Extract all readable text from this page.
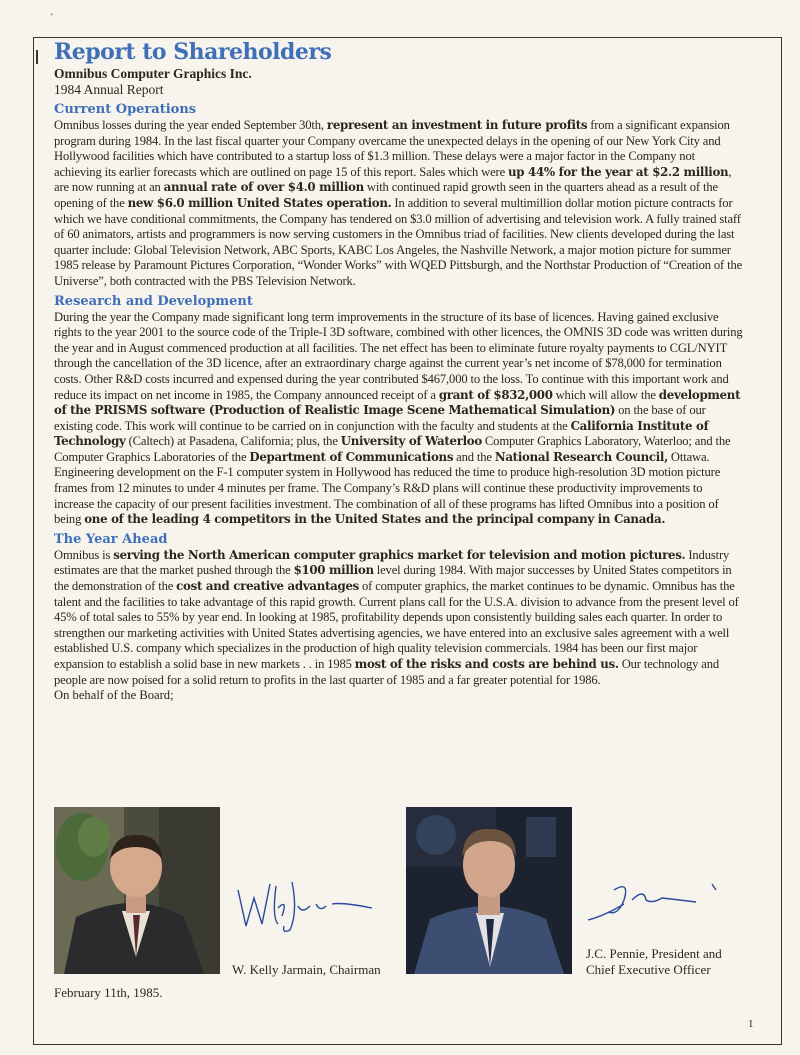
•
Report to Shareholders

Omnibus Computer Graphics Inc.

1984 Annual Report

Current Operations

Omnibus losses during the year ended September 30th, represent an investment in future profits from a significant expansion program during 1984. In the last fiscal quarter your Company overcame the unexpected delays in the opening of our New York City and Hollywood facilities which have contributed to a startup loss of $1.3 million. These delays were a major factor in the Company not achieving its earlier forecasts which are outlined on page 15 of this report. Sales which were up 44% for the year at $2.2 million, are now running at an annual rate of over $4.0 million with continued rapid growth seen in the quarters ahead as a result of the opening of the new $6.0 million United States operation. In addition to several multimillion dollar motion picture contracts for which we have conditional commitments, the Company has tendered on $3.0 million of advertising and television work. A fully trained staff of 60 animators, artists and programmers is now serving customers in the Omnibus triad of facilities. New clients developed during the last quarter include: Global Television Network, ABC Sports, KABC Los Angeles, the Nashville Network, a major motion picture for summer 1985 release by Paramount Pictures Corporation, “Wonder Works” with WQED Pittsburgh, and the Northstar Production of “Creation of the Universe”, both contracted with the PBS Television Network.

Research and Development

During the year the Company made significant long term improvements in the structure of its base of licences. Having gained exclusive rights to the year 2001 to the source code of the Triple-I 3D software, combined with other licences, the OMNIS 3D code was written during the year and in August commenced production at all facilities. The net effect has been to eliminate future royalty payments to CGL/NYIT through the cancellation of the 3D licence, after an extraordinary charge against the current year’s net income of $78,000 for termination costs. Other R&D costs incurred and expensed during the year contributed $467,000 to the loss. To continue with this important work and reduce its impact on net income in 1985, the Company announced receipt of a grant of $832,000 which will allow the development of the PRISMS software (Production of Realistic Image Scene Mathematical Simulation) on the base of our existing code. This work will continue to be carried on in conjunction with the faculty and students at the California Institute of Technology (Caltech) at Pasadena, California; plus, the University of Waterloo Computer Graphics Laboratory, Waterloo; and the Computer Graphics Laboratories of the Department of Communications and the National Research Council, Ottawa. Engineering development on the F-1 computer system in Hollywood has reduced the time to produce high-resolution 3D motion picture frames from 12 minutes to under 4 minutes per frame. The Company’s R&D plans will continue these productivity improvements to increase the capacity of our present facilities investment. The combination of all of these programs has lifted Omnibus into a position of being one of the leading 4 competitors in the United States and the principal company in Canada.

The Year Ahead

Omnibus is serving the North American computer graphics market for television and motion pictures. Industry estimates are that the market pushed through the $100 million level during 1984. With major successes by United States competitors in the demonstration of the cost and creative advantages of computer graphics, the market continues to be dynamic. Omnibus has the talent and the facilities to take advantage of this rapid growth. Current plans call for the U.S.A. division to advance from the present level of 45% of total sales to 55% by year end. In looking at 1985, profitability depends upon consistently building sales each quarter. In order to strengthen our marketing activities with United States advertising agencies, we have entered into an exclusive sales agreement with a well established U.S. company which specializes in the production of high quality television commercials. 1984 has been our first major expansion to establish a solid base in new markets . . in 1985 most of the risks and costs are behind us. Our technology and people are now poised for a solid return to profits in the last quarter of 1985 and a far greater potential for 1986.

On behalf of the Board;

W. Kelly Jarmain, Chairman
J.C. Pennie, President and
Chief Executive Officer
February 11th, 1985.
1
